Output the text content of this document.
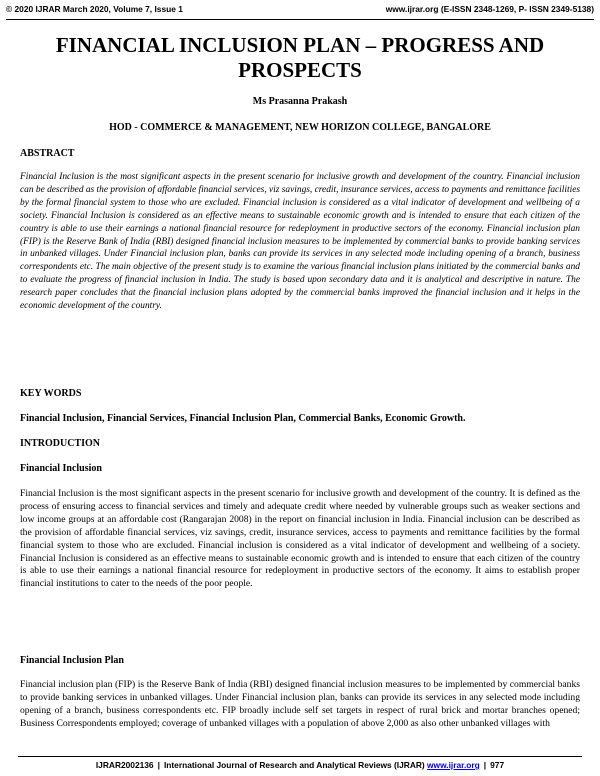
© 2020 IJRAR March 2020, Volume 7, Issue 1	www.ijrar.org (E-ISSN 2348-1269, P- ISSN 2349-5138)
FINANCIAL INCLUSION PLAN – PROGRESS AND PROSPECTS
Ms Prasanna Prakash
HOD - COMMERCE & MANAGEMENT, NEW HORIZON COLLEGE, BANGALORE
ABSTRACT

Financial Inclusion is the most significant aspects in the present scenario for inclusive growth and development of the country. Financial inclusion can be described as the provision of affordable financial services, viz savings, credit, insurance services, access to payments and remittance facilities by the formal financial system to those who are excluded. Financial inclusion is considered as a vital indicator of development and wellbeing of a society. Financial Inclusion is considered as an effective means to sustainable economic growth and is intended to ensure that each citizen of the country is able to use their earnings a national financial resource for redeployment in productive sectors of the economy. Financial inclusion plan (FIP) is the Reserve Bank of India (RBI) designed financial inclusion measures to be implemented by commercial banks to provide banking services in unbanked villages. Under Financial inclusion plan, banks can provide its services in any selected mode including opening of a branch, business correspondents etc. The main objective of the present study is to examine the various financial inclusion plans initiated by the commercial banks and to evaluate the progress of financial inclusion in India. The study is based upon secondary data and it is analytical and descriptive in nature. The research paper concludes that the financial inclusion plans adopted by the commercial banks improved the financial inclusion and it helps in the economic development of the country.

KEY WORDS

Financial Inclusion, Financial Services, Financial Inclusion Plan, Commercial Banks, Economic Growth.

INTRODUCTION
Financial Inclusion

Financial Inclusion is the most significant aspects in the present scenario for inclusive growth and development of the country. It is defined as the process of ensuring access to financial services and timely and adequate credit where needed by vulnerable groups such as weaker sections and low income groups at an affordable cost (Rangarajan 2008) in the report on financial inclusion in India. Financial inclusion can be described as the provision of affordable financial services, viz savings, credit, insurance services, access to payments and remittance facilities by the formal financial system to those who are excluded. Financial inclusion is considered as a vital indicator of development and wellbeing of a society. Financial Inclusion is considered as an effective means to sustainable economic growth and is intended to ensure that each citizen of the country is able to use their earnings a national financial resource for redeployment in productive sectors of the economy. It aims to establish proper financial institutions to cater to the needs of the poor people.

Financial Inclusion Plan

Financial inclusion plan (FIP) is the Reserve Bank of India (RBI) designed financial inclusion measures to be implemented by commercial banks to provide banking services in unbanked villages. Under Financial inclusion plan, banks can provide its services in any selected mode including opening of a branch, business correspondents etc. FIP broadly include self set targets in respect of rural brick and mortar branches opened; Business Correspondents employed; coverage of unbanked villages with a population of above 2,000 as also other unbanked villages with

IJRAR2002136 | International Journal of Research and Analytical Reviews (IJRAR) www.ijrar.org | 977
